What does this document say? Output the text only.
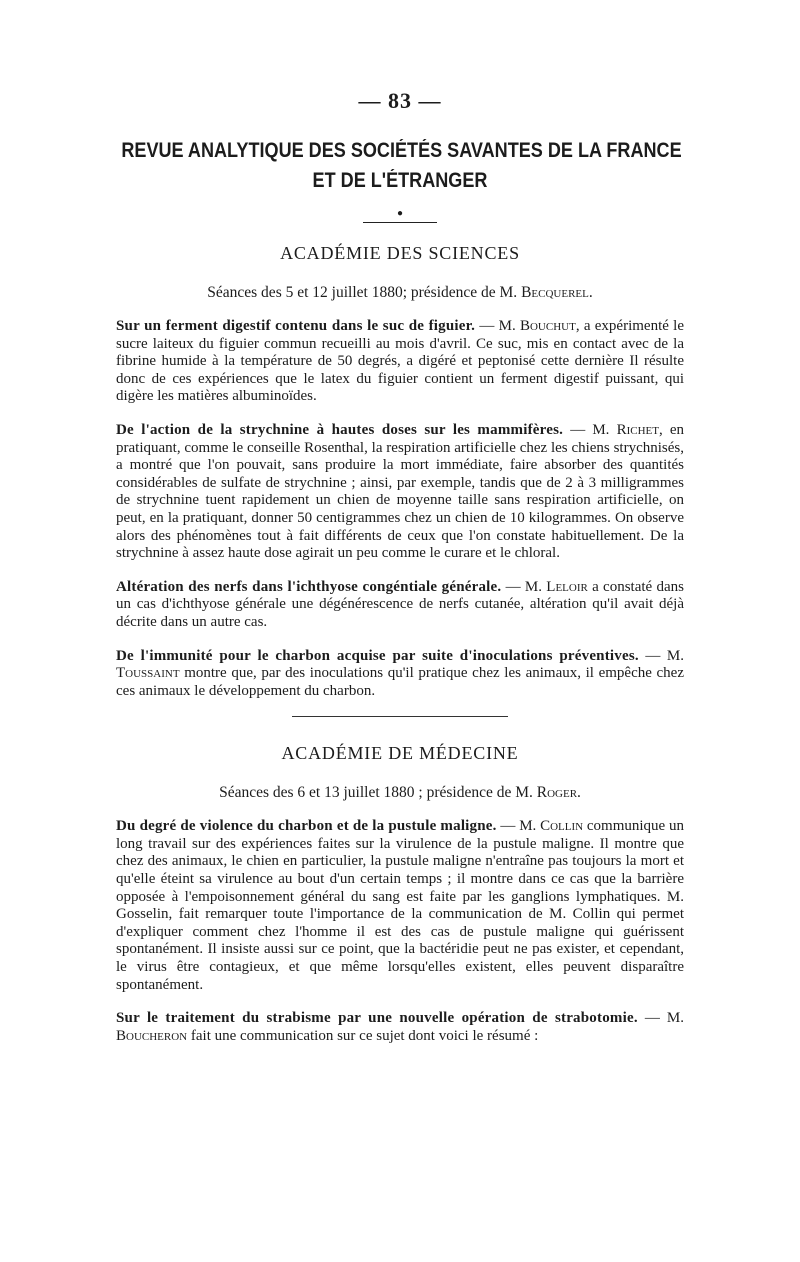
— 83 —
REVUE ANALYTIQUE DES SOCIÉTÉS SAVANTES DE LA FRANCE
ET DE L'ÉTRANGER
●
ACADÉMIE DES SCIENCES
Séances des 5 et 12 juillet 1880; présidence de M. Becquerel.

Sur un ferment digestif contenu dans le suc de figuier. — M. Bouchut, a expérimenté le sucre laiteux du figuier commun recueilli au mois d'avril. Ce suc, mis en contact avec de la fibrine humide à la température de 50 degrés, a digéré et peptonisé cette dernière Il résulte donc de ces expériences que le latex du figuier contient un ferment digestif puissant, qui digère les matières albuminoïdes.

De l'action de la strychnine à hautes doses sur les mammifères. — M. Richet, en pratiquant, comme le conseille Rosenthal, la respiration artificielle chez les chiens strychnisés, a montré que l'on pouvait, sans produire la mort immédiate, faire absorber des quantités considérables de sulfate de strychnine ; ainsi, par exemple, tandis que de 2 à 3 milligrammes de strychnine tuent rapidement un chien de moyenne taille sans respiration artificielle, on peut, en la pratiquant, donner 50 centigrammes chez un chien de 10 kilogrammes. On observe alors des phénomènes tout à fait différents de ceux que l'on constate habituellement. De la strychnine à assez haute dose agirait un peu comme le curare et le chloral.

Altération des nerfs dans l'ichthyose congéntiale générale. — M. Leloir a constaté dans un cas d'ichthyose générale une dégénérescence de nerfs cutanée, altération qu'il avait déjà décrite dans un autre cas.

De l'immunité pour le charbon acquise par suite d'inoculations préventives. — M. Toussaint montre que, par des inoculations qu'il pratique chez les animaux, il empêche chez ces animaux le développement du charbon.

ACADÉMIE DE MÉDECINE
Séances des 6 et 13 juillet 1880 ; présidence de M. Roger.

Du degré de violence du charbon et de la pustule maligne. — M. Collin communique un long travail sur des expériences faites sur la virulence de la pustule maligne. Il montre que chez des animaux, le chien en particulier, la pustule maligne n'entraîne pas toujours la mort et qu'elle éteint sa virulence au bout d'un certain temps ; il montre dans ce cas que la barrière opposée à l'empoisonnement général du sang est faite par les ganglions lymphatiques. M. Gosselin, fait remarquer toute l'importance de la communication de M. Collin qui permet d'expliquer comment chez l'homme il est des cas de pustule maligne qui guérissent spontanément. Il insiste aussi sur ce point, que la bactéridie peut ne pas exister, et cependant, le virus être contagieux, et que même lorsqu'elles existent, elles peuvent disparaître spontanément.

Sur le traitement du strabisme par une nouvelle opération de strabotomie. — M. Boucheron fait une communication sur ce sujet dont voici le résumé :
